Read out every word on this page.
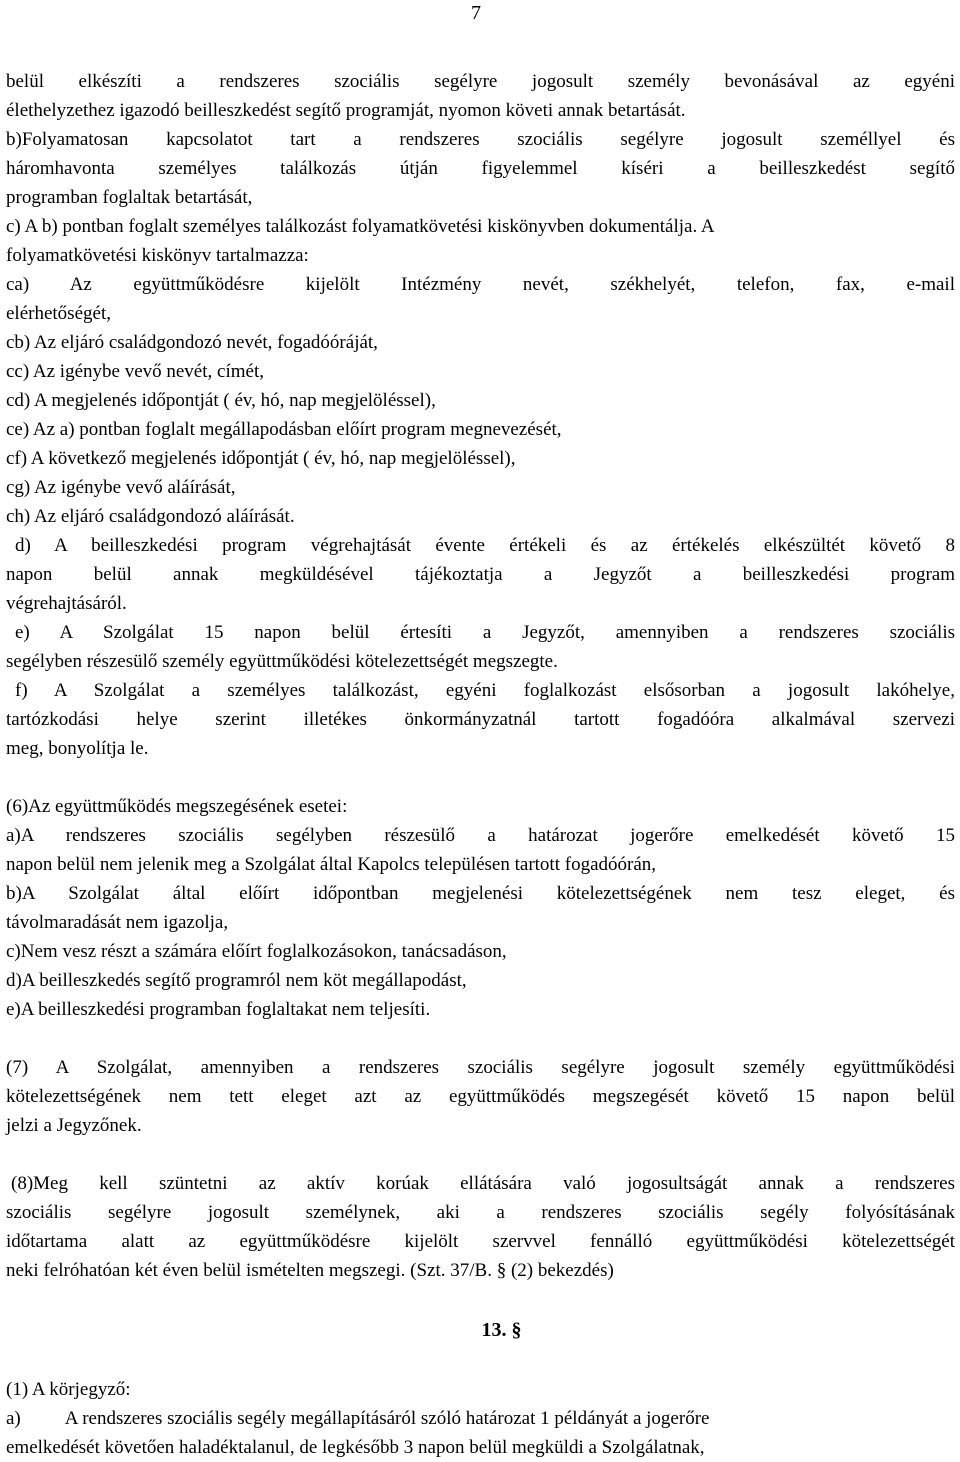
7
belül elkészíti a rendszeres szociális segélyre jogosult személy bevonásával az egyéni
élethelyzethez igazodó beilleszkedést segítő programját, nyomon követi annak betartását.
b)Folyamatosan kapcsolatot tart a rendszeres szociális segélyre jogosult személlyel és
háromhavonta személyes találkozás útján figyelemmel kíséri a beilleszkedést segítő
programban foglaltak betartását,
c) A b) pontban foglalt személyes találkozást folyamatkövetési kiskönyvben dokumentálja. A
folyamatkövetési kiskönyv tartalmazza:
ca) Az együttműködésre kijelölt Intézmény nevét, székhelyét, telefon, fax, e-mail
elérhetőségét,
cb) Az eljáró családgondozó nevét, fogadóóráját,
cc) Az igénybe vevő nevét, címét,
cd) A megjelenés időpontját ( év, hó, nap megjelöléssel),
ce) Az a) pontban foglalt megállapodásban előírt program megnevezését,
cf) A következő megjelenés időpontját ( év, hó, nap megjelöléssel),
cg) Az igénybe vevő aláírását,
ch) Az eljáró családgondozó aláírását.
d) A beilleszkedési program végrehajtását évente értékeli és az értékelés elkészültét követő 8
napon belül annak megküldésével tájékoztatja a Jegyzőt a beilleszkedési program
végrehajtásáról.
e) A Szolgálat 15 napon belül értesíti a Jegyzőt, amennyiben a rendszeres szociális
segélyben részesülő személy együttműködési kötelezettségét megszegte.
f) A Szolgálat a személyes találkozást, egyéni foglalkozást elsősorban a jogosult lakóhelye,
tartózkodási helye szerint illetékes önkormányzatnál tartott fogadóóra alkalmával szervezi
meg, bonyolítja le.
(6)Az együttműködés megszegésének esetei:
a)A rendszeres szociális segélyben részesülő a határozat jogerőre emelkedését követő 15
napon belül nem jelenik meg a Szolgálat által Kapolcs településen tartott fogadóórán,
b)A Szolgálat által előírt időpontban megjelenési kötelezettségének nem tesz eleget, és
távolmaradását nem igazolja,
c)Nem vesz részt a számára előírt foglalkozásokon, tanácsadáson,
d)A beilleszkedés segítő programról nem köt megállapodást,
e)A beilleszkedési programban foglaltakat nem teljesíti.
(7) A Szolgálat, amennyiben a rendszeres szociális segélyre jogosult személy együttműködési
kötelezettségének nem tett eleget azt az együttműködés megszegését követő 15 napon belül
jelzi a Jegyzőnek.
(8)Meg kell szüntetni az aktív korúak ellátására való jogosultságát annak a rendszeres
szociális segélyre jogosult személynek, aki a rendszeres szociális segély folyósításának
időtartama alatt az együttműködésre kijelölt szervvel fennálló együttműködési kötelezettségét
neki felróhatóan két éven belül ismételten megszegi. (Szt. 37/B. § (2) bekezdés)
13. §
(1) A körjegyző:
a) A rendszeres szociális segély megállapításáról szóló határozat 1 példányát a jogerőre
emelkedését követően haladéktalanul, de legkésőbb 3 napon belül megküldi a Szolgálatnak,
